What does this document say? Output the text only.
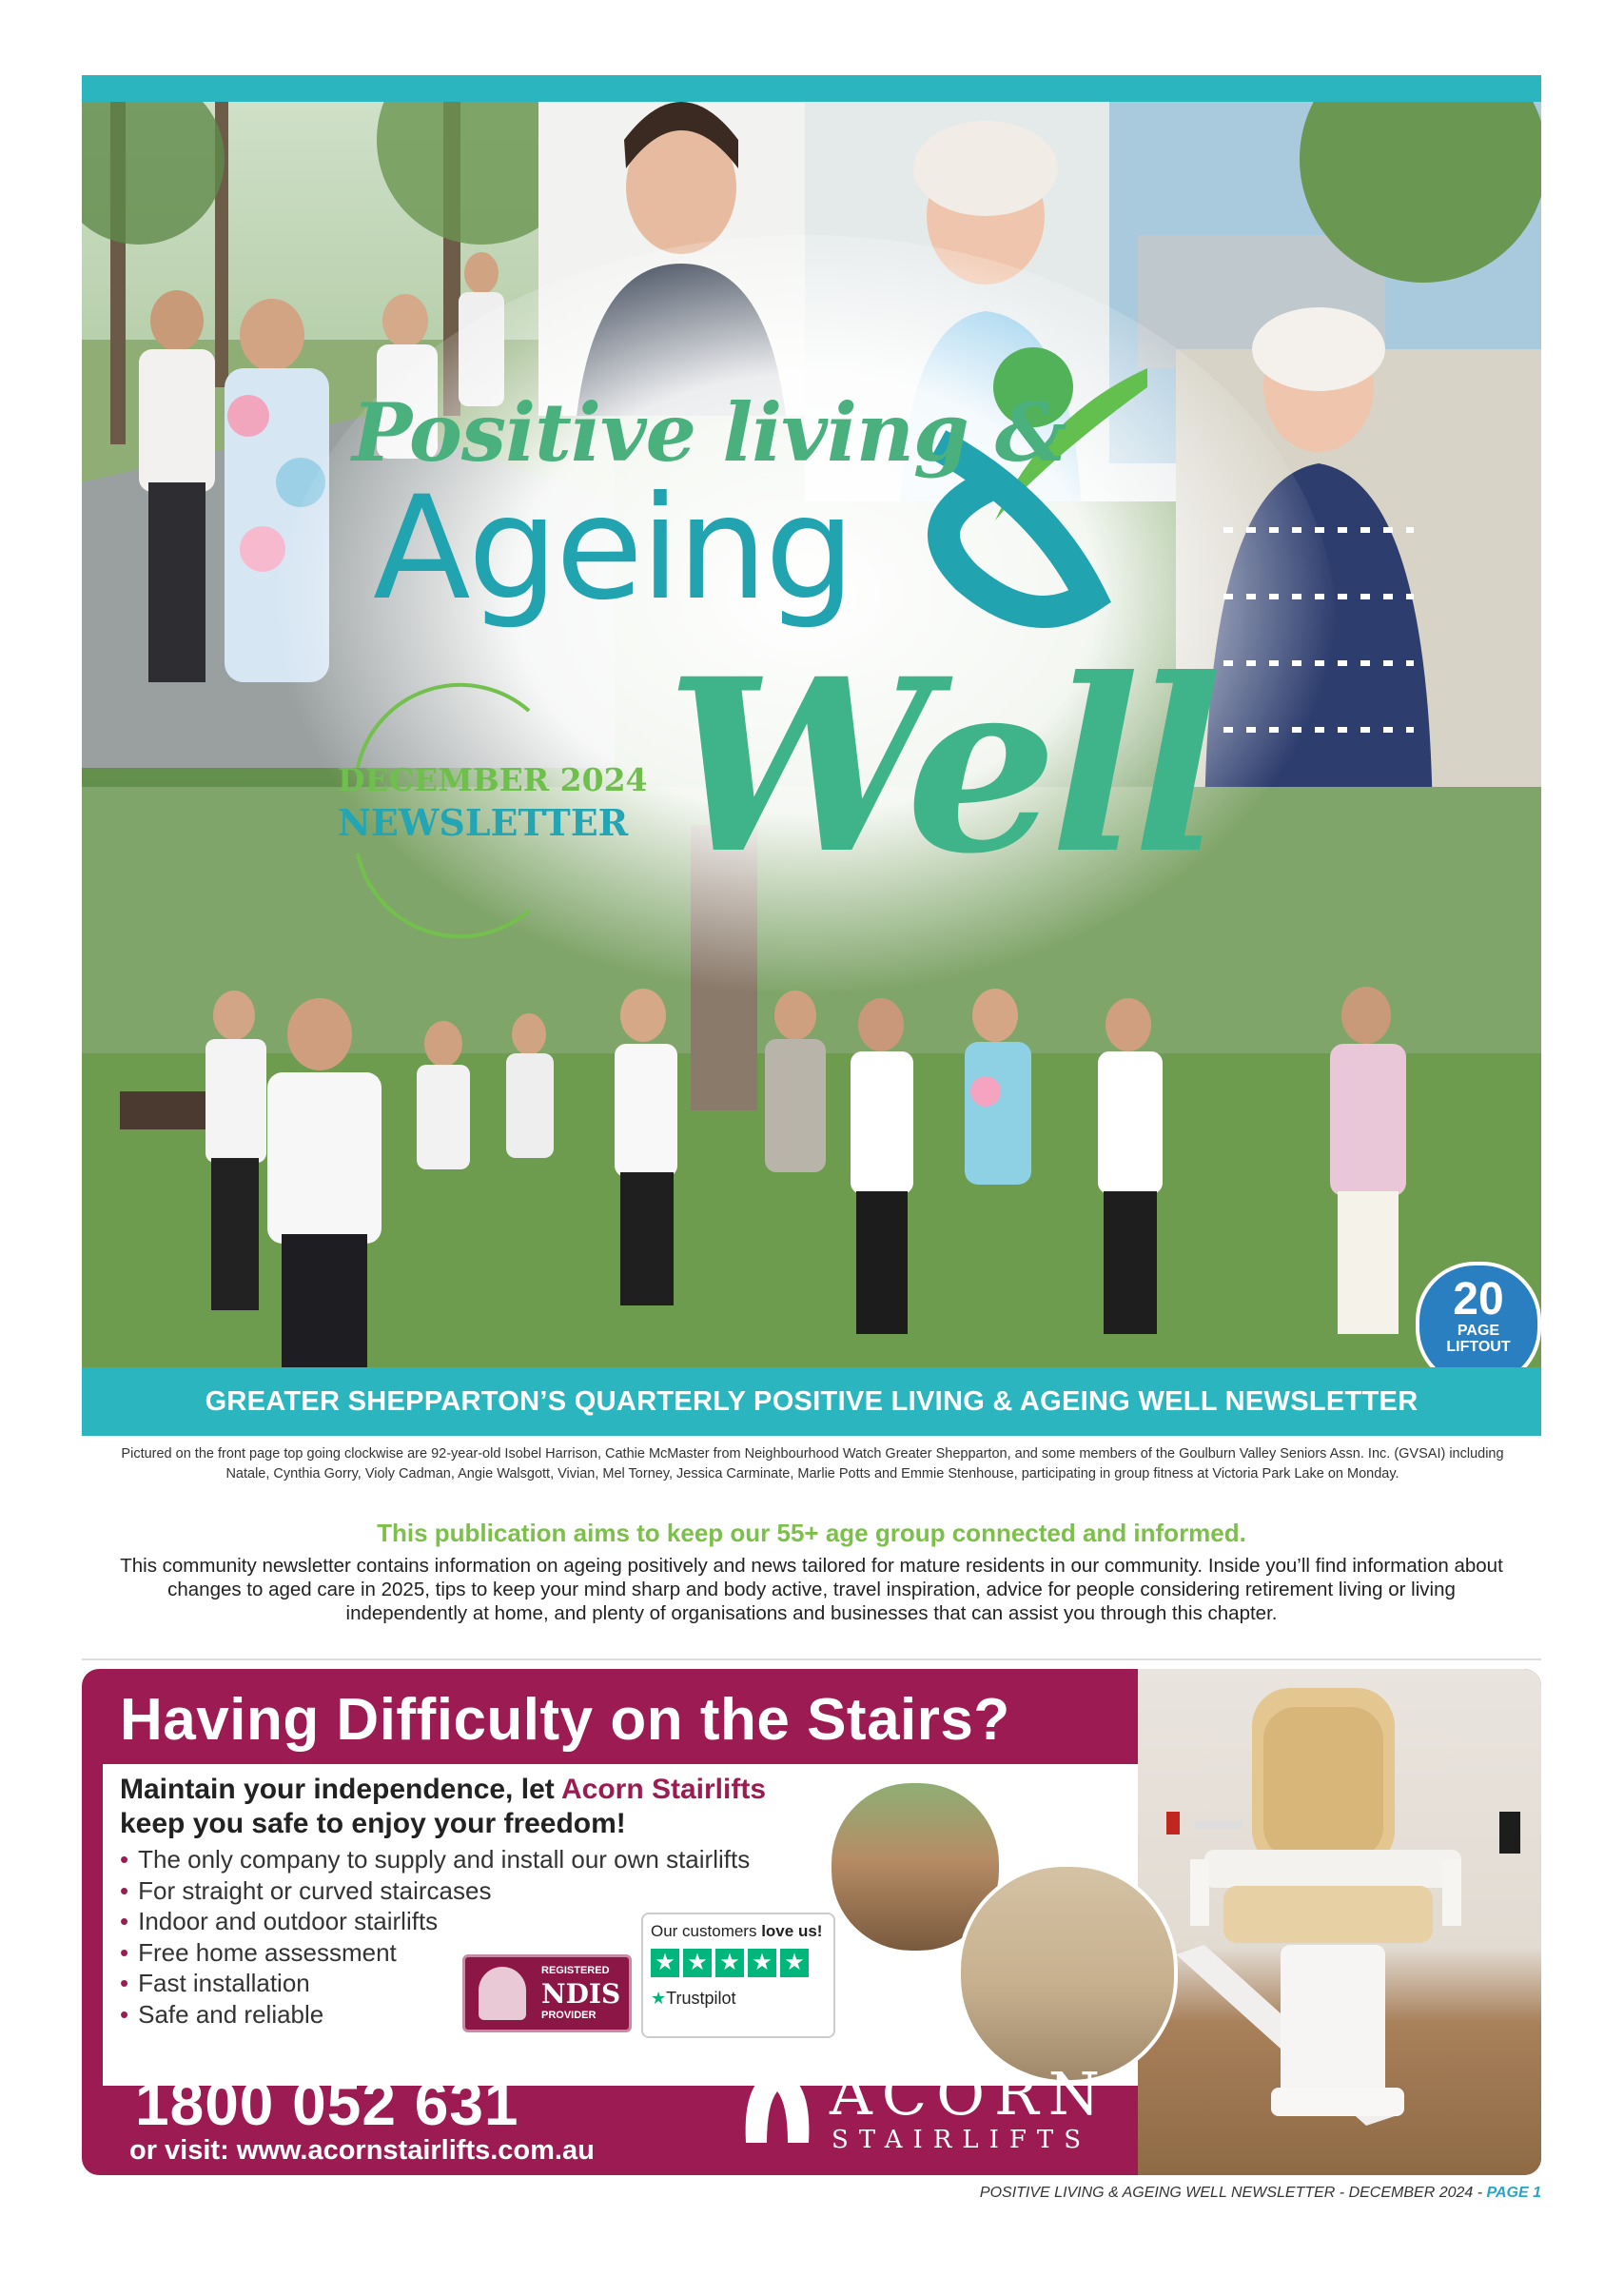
Positive living &
Ageing
Well
DECEMBER 2024
NEWSLETTER
20
PAGE
LIFTOUT
GREATER SHEPPARTON’S QUARTERLY POSITIVE LIVING & AGEING WELL NEWSLETTER
Pictured on the front page top going clockwise are 92-year-old Isobel Harrison, Cathie McMaster from Neighbourhood Watch Greater Shepparton, and some members of the Goulburn Valley Seniors Assn. Inc. (GVSAI) including Natale, Cynthia Gorry, Violy Cadman, Angie Walsgott, Vivian, Mel Torney, Jessica Carminate, Marlie Potts and Emmie Stenhouse, participating in group fitness at Victoria Park Lake on Monday.
This publication aims to keep our 55+ age group connected and informed.
This community newsletter contains information on ageing positively and news tailored for mature residents in our community. Inside you’ll find information about changes to aged care in 2025, tips to keep your mind sharp and body active, travel inspiration, advice for people considering retirement living or living independently at home, and plenty of organisations and businesses that can assist you through this chapter.
Having Difficulty on the Stairs?
Maintain your independence, let Acorn Stairlifts
keep you safe to enjoy your freedom!
• The only company to supply and install our own stairlifts
• For straight or curved staircases
• Indoor and outdoor stairlifts
• Free home assessment
• Fast installation
• Safe and reliable
REGISTERED
NDIS
PROVIDER
Our customers love us!
★ ★ ★ ★ ★
★Trustpilot
CALL NOW FOR YOUR FREE BROCHURE & QUOTATION
1800 052 631
or visit: www.acornstairlifts.com.au
ACORN
STAIRLIFTS
POSITIVE LIVING & AGEING WELL NEWSLETTER - DECEMBER 2024 - PAGE 1
